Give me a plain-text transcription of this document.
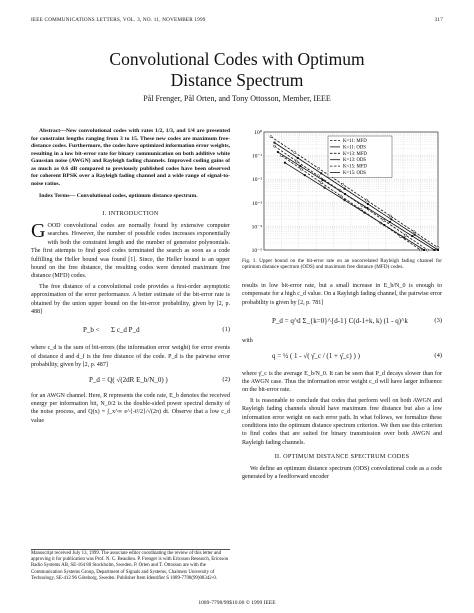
IEEE COMMUNICATIONS LETTERS, VOL. 3, NO. 11, NOVEMBER 1999	317
Convolutional Codes with Optimum
Distance Spectrum
Pål Frenger, Pål Orten, and Tony Ottosson, Member, IEEE

Abstract—New convolutional codes with rates 1/2, 1/3, and 1/4 are presented for constraint lengths ranging from 3 to 15. These new codes are maximum free-distance codes. Furthermore, the codes have optimized information error weights, resulting in a low bit-error rate for binary communication on both additive white Gaussian noise (AWGN) and Rayleigh fading channels. Improved coding gains of as much as 0.6 dB compared to previously published codes have been observed for coherent BPSK over a Rayleigh fading channel and a wide range of signal-to-noise ratios.

Index Terms— Convolutional codes, optimum distance spectrum.

I. INTRODUCTION

GOOD convolutional codes are normally found by extensive computer searches. However, the number of possible codes increases exponentially with both the constraint length and the number of generator polynomials. The first attempts to find good codes terminated the search as soon as a code fulfilling the Heller bound was found [1]. Since, the Heller bound is an upper bound on the free distance, the resulting codes were denoted maximum free distance (MFD) codes.

The free distance of a convolutional code provides a first-order asymptotic approximation of the error performance. A better estimate of the bit-error rate is obtained by the union upper bound on the bit-error probability, given by [2, p. 488]

P_b < Σ c_d P_d	(1)

where c_d is the sum of bit-errors (the information error weight) for error events of distance d and d_f is the free distance of the code. P_d is the pairwise error probability, given by [2, p. 487]

P_d = Q( √(2dR E_b/N_0) )	(2)

for an AWGN channel. Here, R represents the code rate, E_b denotes the received energy per information bit, N_0/2 is the double-sided power spectral density of the noise process, and Q(x) = ∫_x^∞ e^{-t²/2}/√(2π) dt. Observe that a low c_d value

Manuscript received July 13, 1999. The associate editor coordinating the review of this letter and approving it for publication was Prof. N. C. Beaulieu. P. Frenger is with Ericsson Research, Ericsson Radio Systems AB, SE-164 80 Stockholm, Sweden. P. Orten and T. Ottosson are with the Communication Systems Group, Department of Signals and Systems, Chalmers University of Technology, SE-412 96 Göteborg, Sweden. Publisher Item Identifier S 1089-7798(99)08342-0.
10⁰
10⁻¹
10⁻²
10⁻³
10⁻⁴
10⁻⁵
K=11: MFD
K=11: ODS
K=13: MFD
K=13: ODS
K=15: MFD
K=15: ODS
Fig. 1. Upper bound on the bit-error rate on an uncorrelated Rayleigh fading channel for optimum distance spectrum (ODS) and maximum free distance (MFD) codes.

results in low bit-error rate, but a small increase in E_b/N_0 is enough to compensate for a high c_d value. On a Rayleigh fading channel, the pairwise error probability is given by [2, p. 781]

P_d = q^d Σ_{k=0}^{d-1} C(d-1+k, k) (1 - q)^k	(3)

with

q = ½ ( 1 - √( γ̄_c / (1 + γ̄_c) ) )	(4)

where γ̄_c is the average E_b/N_0. It can be seen that P_d decays slower than for the AWGN case. Thus the information error weight c_d will have larger influence on the bit-error rate.

It is reasonable to conclude that codes that perform well on both AWGN and Rayleigh fading channels should have maximum free distance but also a low information error weight on each error path. In what follows, we formalize these conditions into the optimum distance spectrum criterion. We then use this criterion to find codes that are suited for binary transmission over both AWGN and Rayleigh fading channels.

II. OPTIMUM DISTANCE SPECTRUM CODES

We define an optimum distance spectrum (ODS) convolutional code as a code generated by a feedforward encoder

1089-7798/99$10.00 © 1999 IEEE
